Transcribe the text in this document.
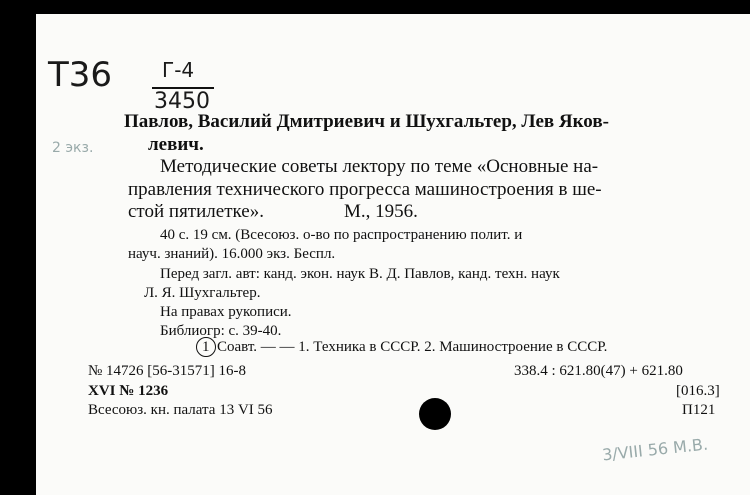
Т36 Г-4
3450
2 экз.
Павлов, Василий Дмитриевич и Шухгальтер, Лев Яков-
левич.
Методические советы лектору по теме «Основные на-
правления технического прогресса машиностроения в ше-
стой пятилетке».	М., 1956.
40 с. 19 см. (Всесоюз. о-во по распространению полит. и
науч. знаний). 16.000 экз. Беспл.
Перед загл. авт: канд. экон. наук В. Д. Павлов, канд. техн. наук
Л. Я. Шухгальтер.
На правах рукописи.
Библиогр: с. 39-40.
1 Соавт. — — 1. Техника в СССР. 2. Машиностроение в СССР.
№ 14726 [56-31571] 16-8
XVI № 1236
Всесоюз. кн. палата 13 VI 56
338.4 : 621.80(47) + 621.80
[016.3]
П121
3/VIII 56 М.В.
